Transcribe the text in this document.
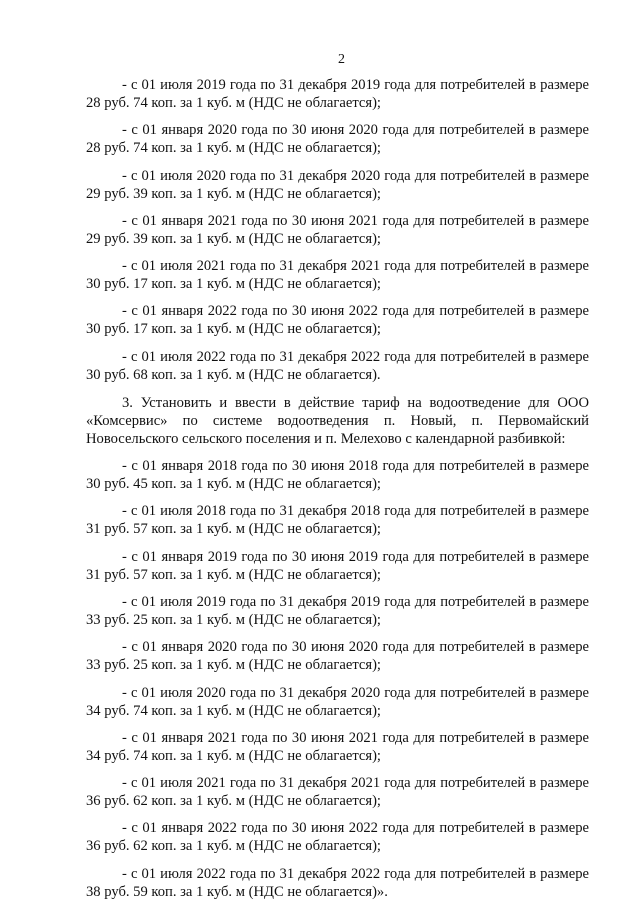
2

- с 01 июля 2019 года по 31 декабря 2019 года для потребителей в размере 28 руб. 74 коп. за 1 куб. м (НДС не облагается);

- с 01 января 2020 года по 30 июня 2020 года для потребителей в размере 28 руб. 74 коп. за 1 куб. м (НДС не облагается);

- с 01 июля 2020 года по 31 декабря 2020 года для потребителей в размере 29 руб. 39 коп. за 1 куб. м (НДС не облагается);

- с 01 января 2021 года по 30 июня 2021 года для потребителей в размере 29 руб. 39 коп. за 1 куб. м (НДС не облагается);

- с 01 июля 2021 года по 31 декабря 2021 года для потребителей в размере 30 руб. 17 коп. за 1 куб. м (НДС не облагается);

- с 01 января 2022 года по 30 июня 2022 года для потребителей в размере 30 руб. 17 коп. за 1 куб. м (НДС не облагается);

- с 01 июля 2022 года по 31 декабря 2022 года для потребителей в размере 30 руб. 68 коп. за 1 куб. м (НДС не облагается).

3. Установить и ввести в действие тариф на водоотведение для ООО «Комсервис» по системе водоотведения п. Новый, п. Первомайский Новосельского сельского поселения и п. Мелехово с календарной разбивкой:

- с 01 января 2018 года по 30 июня 2018 года для потребителей в размере 30 руб. 45 коп. за 1 куб. м (НДС не облагается);

- с 01 июля 2018 года по 31 декабря 2018 года для потребителей в размере 31 руб. 57 коп. за 1 куб. м (НДС не облагается);

- с 01 января 2019 года по 30 июня 2019 года для потребителей в размере 31 руб. 57 коп. за 1 куб. м (НДС не облагается);

- с 01 июля 2019 года по 31 декабря 2019 года для потребителей в размере 33 руб. 25 коп. за 1 куб. м (НДС не облагается);

- с 01 января 2020 года по 30 июня 2020 года для потребителей в размере 33 руб. 25 коп. за 1 куб. м (НДС не облагается);

- с 01 июля 2020 года по 31 декабря 2020 года для потребителей в размере 34 руб. 74 коп. за 1 куб. м (НДС не облагается);

- с 01 января 2021 года по 30 июня 2021 года для потребителей в размере 34 руб. 74 коп. за 1 куб. м (НДС не облагается);

- с 01 июля 2021 года по 31 декабря 2021 года для потребителей в размере 36 руб. 62 коп. за 1 куб. м (НДС не облагается);

- с 01 января 2022 года по 30 июня 2022 года для потребителей в размере 36 руб. 62 коп. за 1 куб. м (НДС не облагается);

- с 01 июля 2022 года по 31 декабря 2022 года для потребителей в размере 38 руб. 59 коп. за 1 куб. м (НДС не облагается)».
